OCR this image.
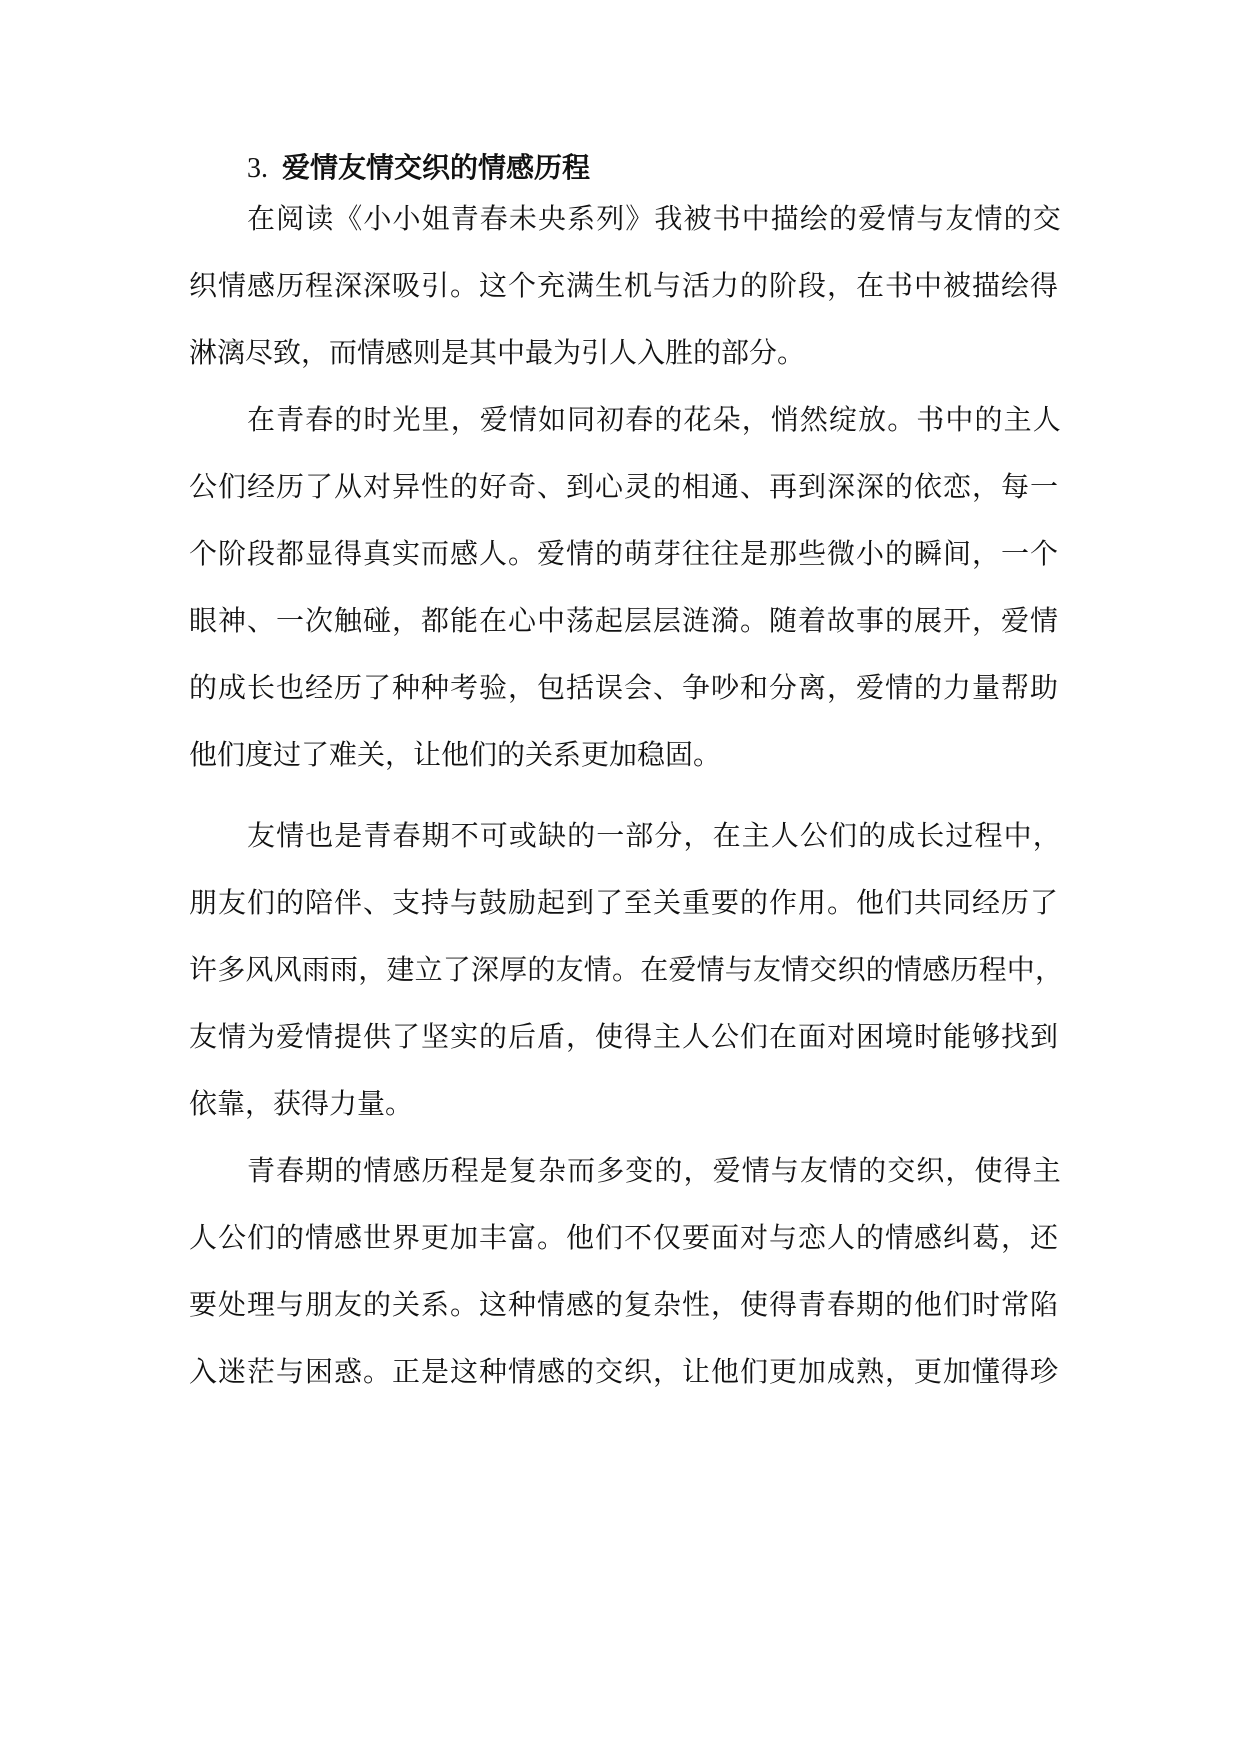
3. 爱情友情交织的情感历程

在阅读《小小姐青春未央系列》我被书中描绘的爱情与友情的交

织情感历程深深吸引。这个充满生机与活力的阶段，在书中被描绘得

淋漓尽致，而情感则是其中最为引人入胜的部分。

在青春的时光里，爱情如同初春的花朵，悄然绽放。书中的主人

公们经历了从对异性的好奇、到心灵的相通、再到深深的依恋，每一

个阶段都显得真实而感人。爱情的萌芽往往是那些微小的瞬间，一个

眼神、一次触碰，都能在心中荡起层层涟漪。随着故事的展开，爱情

的成长也经历了种种考验，包括误会、争吵和分离，爱情的力量帮助

他们度过了难关，让他们的关系更加稳固。

友情也是青春期不可或缺的一部分，在主人公们的成长过程中，

朋友们的陪伴、支持与鼓励起到了至关重要的作用。他们共同经历了

许多风风雨雨，建立了深厚的友情。在爱情与友情交织的情感历程中，

友情为爱情提供了坚实的后盾，使得主人公们在面对困境时能够找到

依靠，获得力量。

青春期的情感历程是复杂而多变的，爱情与友情的交织，使得主

人公们的情感世界更加丰富。他们不仅要面对与恋人的情感纠葛，还

要处理与朋友的关系。这种情感的复杂性，使得青春期的他们时常陷

入迷茫与困惑。正是这种情感的交织，让他们更加成熟，更加懂得珍
